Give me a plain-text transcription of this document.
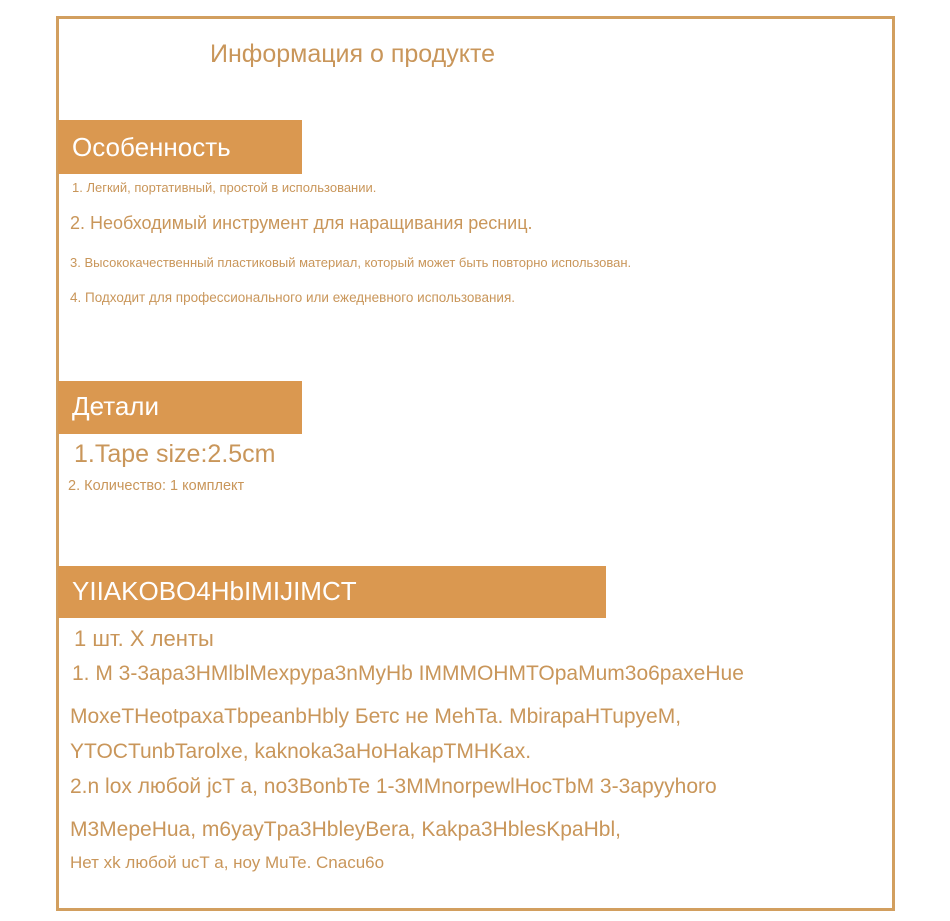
Информация о продукте
Особенность

1. Легкий, портативный, простой в использовании.

2. Необходимый инструмент для наращивания ресниц.

3. Высококачественный пластиковый материал, который может быть повторно использован.

4. Подходит для профессионального или ежедневного использования.

Детали

1.Tape size:2.5cm

2. Количество: 1 комплект

YIIAKOBO4HbIMIJIMCT

1 шт. X ленты

1. M 3-3apa3HMlblMexpypa3nMyHb IMMMOHMTOpaMum3o6paxeHue

MoxeTHeotpaxaTbpeanbHbly Бетс не MehTa. MbirapaHTupyeM,

YTOCTunbTarolxe, kaknoka3aHoHakapTMHKax.

2.n lox любой jcT a, no3BonbTe 1-3MMnorpewlHocTbM 3-3apyyhoro

M3MepeHua, m6yayTpa3HbleyBera, Kakpa3HblesKpaHbl,

Нет xk любой ucT a, ноу MuTe. Cnacu6o
